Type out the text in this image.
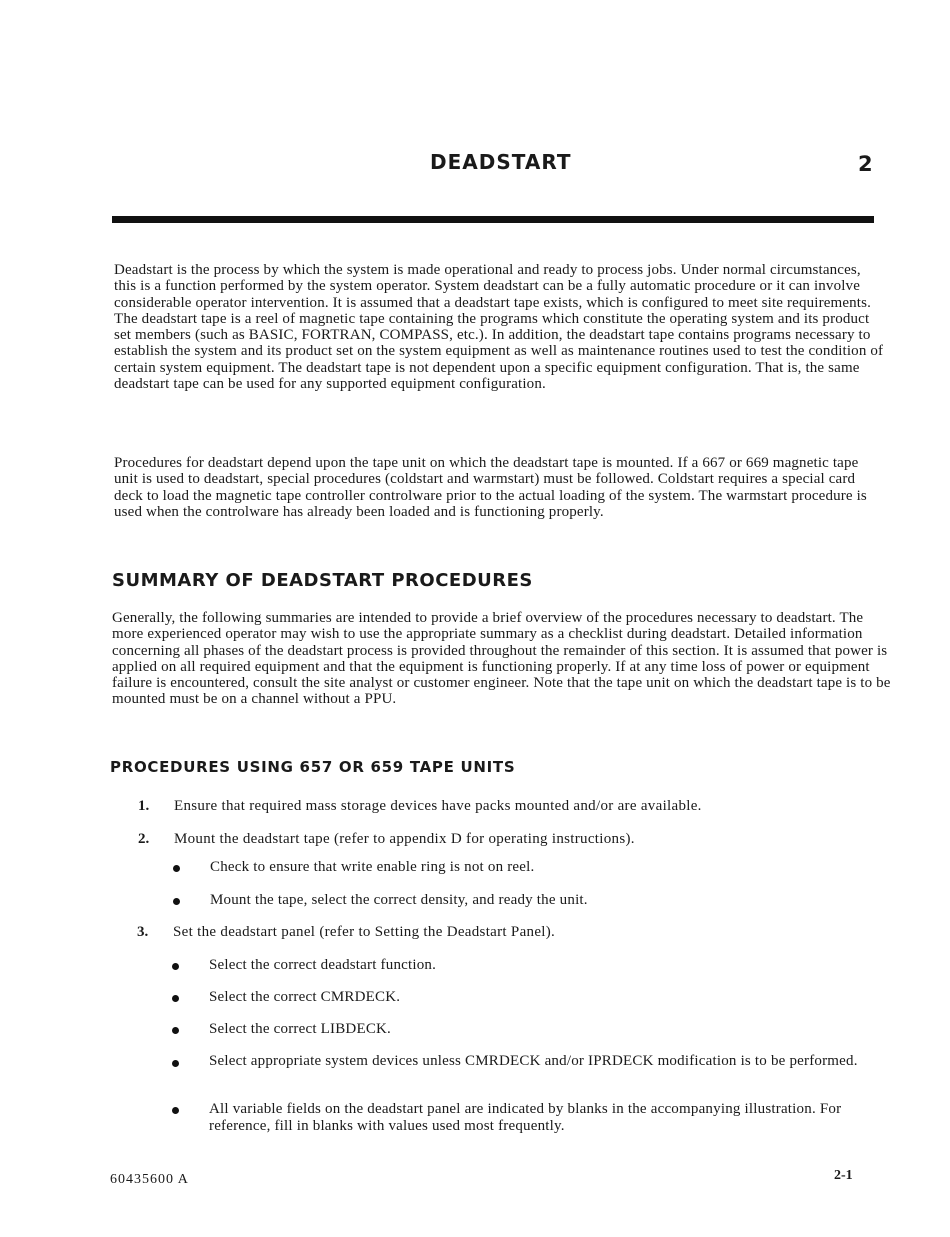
DEADSTART	2

Deadstart is the process by which the system is made operational and ready to process jobs. Under normal circumstances, this is a function performed by the system operator. System deadstart can be a fully automatic procedure or it can involve considerable operator intervention. It is assumed that a deadstart tape exists, which is configured to meet site requirements. The deadstart tape is a reel of magnetic tape containing the programs which constitute the operating system and its product set members (such as BASIC, FORTRAN, COMPASS, etc.). In addition, the deadstart tape contains programs necessary to establish the system and its product set on the system equipment as well as maintenance routines used to test the condition of certain system equipment. The deadstart tape is not dependent upon a specific equipment configuration. That is, the same deadstart tape can be used for any supported equipment configuration.

Procedures for deadstart depend upon the tape unit on which the deadstart tape is mounted. If a 667 or 669 magnetic tape unit is used to deadstart, special procedures (coldstart and warmstart) must be followed. Coldstart requires a special card deck to load the magnetic tape controller controlware prior to the actual loading of the system. The warmstart procedure is used when the controlware has already been loaded and is functioning properly.

SUMMARY OF DEADSTART PROCEDURES

Generally, the following summaries are intended to provide a brief overview of the procedures necessary to deadstart. The more experienced operator may wish to use the appropriate summary as a checklist during deadstart. Detailed information concerning all phases of the deadstart process is provided throughout the remainder of this section. It is assumed that power is applied on all required equipment and that the equipment is functioning properly. If at any time loss of power or equipment failure is encountered, consult the site analyst or customer engineer. Note that the tape unit on which the deadstart tape is to be mounted must be on a channel without a PPU.

PROCEDURES USING 657 OR 659 TAPE UNITS
1. Ensure that required mass storage devices have packs mounted and/or are available.
2. Mount the deadstart tape (refer to appendix D for operating instructions).
Check to ensure that write enable ring is not on reel.
Mount the tape, select the correct density, and ready the unit.
3. Set the deadstart panel (refer to Setting the Deadstart Panel).
Select the correct deadstart function.
Select the correct CMRDECK.
Select the correct LIBDECK.
Select appropriate system devices unless CMRDECK and/or IPRDECK modification is to be performed.
All variable fields on the deadstart panel are indicated by blanks in the accompanying illustration. For reference, fill in blanks with values used most frequently.
60435600 A	2-1
